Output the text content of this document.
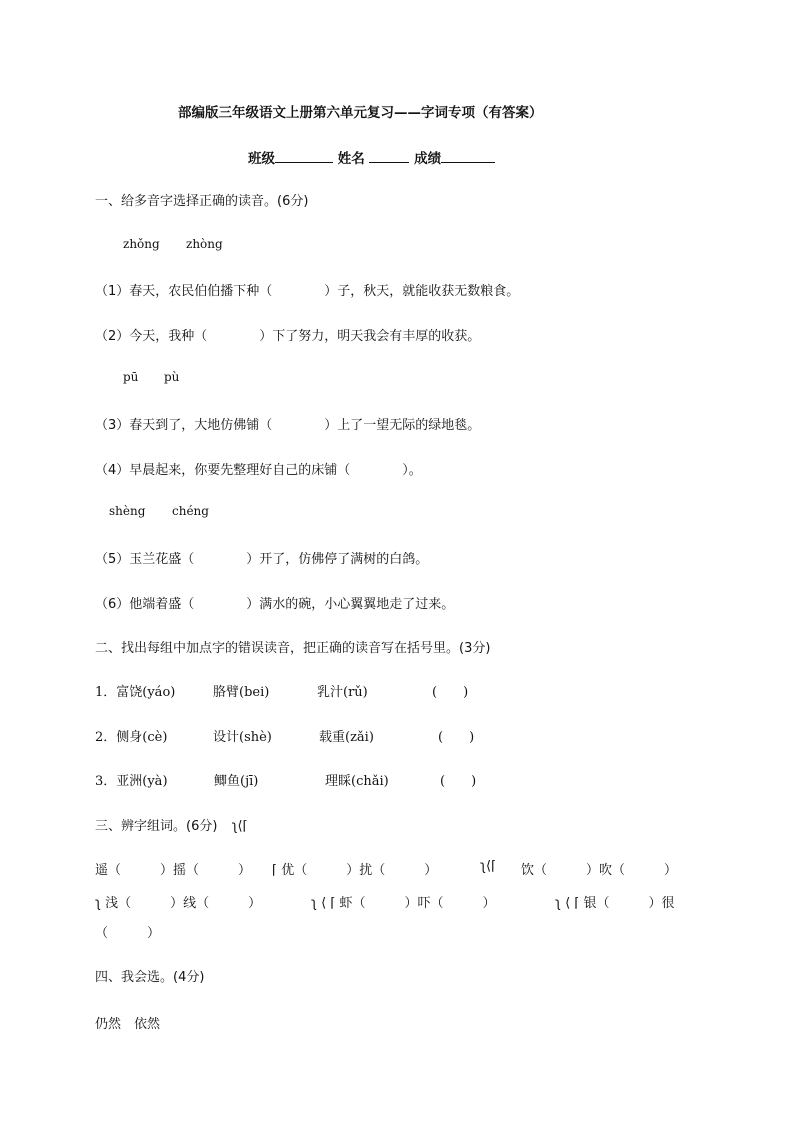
部编版三年级语文上册第六单元复习——字词专项（有答案）
班级	姓名	成绩
一、给多音字选择正确的读音。(6分)
zhǒng zhòng
（1）春天，农民伯伯播下种（　　　　）子，秋天，就能收获无数粮食。
（2）今天，我种（　　　　）下了努力，明天我会有丰厚的收获。
pū pù
（3）春天到了，大地仿佛铺（　　　　）上了一望无际的绿地毯。
（4）早晨起来，你要先整理好自己的床铺（　　　　）。
shèng chéng
（5）玉兰花盛（　　　　）开了，仿佛停了满树的白鸽。
（6）他端着盛（　　　　）满水的碗，小心翼翼地走了过来。
二、找出每组中加点字的错误读音，把正确的读音写在括号里。(3分)
1．富饶(yáo)	胳臂(bei)	乳汁(rǔ)	(　　)
2．侧身(cè)	设计(shè)	载重(zǎi)	(　　)
3．亚洲(yà)	鲫鱼(jī)	理睬(chǎi)	(　　)
三、辨字组词。(6分) ʅ⟨⌈
遥（　　　）摇（　　　） ⌈ 优（　　　）扰（　　　）	ʅ⟨⌈ 饮（　　　）吹（　　　）
ʅ 浅（　　　）线（　　　）	ʅ ⟨ ⌈ 虾（　　　）吓（　　　）	ʅ ⟨ ⌈ 银（　　　）很
（　　　）
四、我会选。(4分)
仍然　依然
